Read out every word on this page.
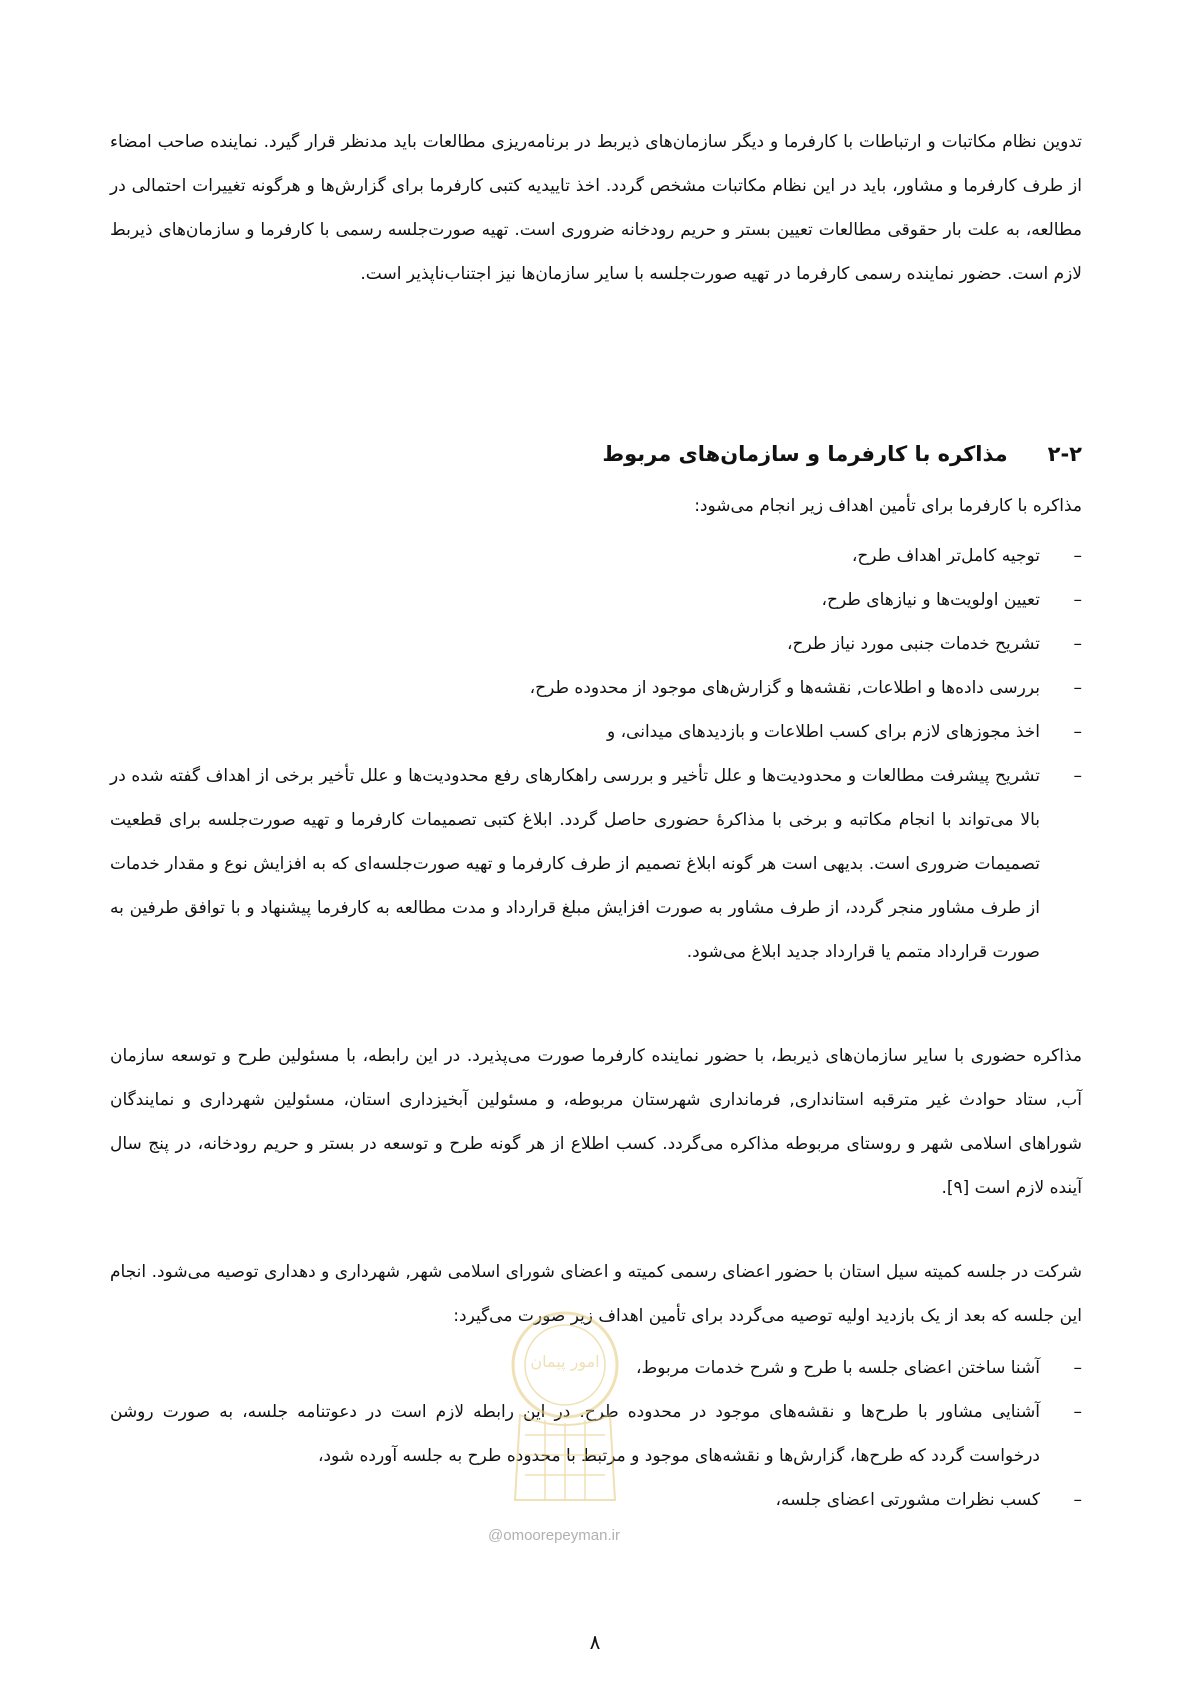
تدوین نظام مکاتبات و ارتباطات با کارفرما و دیگر سازمان‌های ذیربط در برنامه‌ریزی مطالعات باید مدنظر قرار گیرد. نماینده صاحب امضاء از طرف کارفرما و مشاور، باید در این نظام مکاتبات مشخص گردد. اخذ تاییدیه کتبی کارفرما برای گزارش‌ها و هرگونه تغییرات احتمالی در مطالعه، به علت بار حقوقی مطالعات تعیین بستر و حریم رودخانه ضروری است. تهیه صورت‌جلسه رسمی با کارفرما و سازمان‌های ذیربط لازم است. حضور نماینده رسمی کارفرما در تهیه صورت‌جلسه با سایر سازمان‌ها نیز اجتناب‌ناپذیر است.

۲-۲مذاکره با کارفرما و سازمان‌های مربوط

مذاکره با کارفرما برای تأمین اهداف زیر انجام می‌شود:

–
توجیه کامل‌تر اهداف طرح،
–
تعیین اولویت‌ها و نیازهای طرح،
–
تشریح خدمات جنبی مورد نیاز طرح،
–
بررسی داده‌ها و اطلاعات, نقشه‌ها و گزارش‌های موجود از محدوده طرح،
–
اخذ مجوزهای لازم برای کسب اطلاعات و بازدیدهای میدانی، و
–
تشریح پیشرفت مطالعات و محدودیت‌ها و علل تأخیر و بررسی راهکارهای رفع محدودیت‌ها و علل تأخیر برخی از اهداف گفته شده در بالا می‌تواند با انجام مکاتبه و برخی با مذاکرهٔ حضوری حاصل گردد. ابلاغ کتبی تصمیمات کارفرما و تهیه صورت‌جلسه برای قطعیت تصمیمات ضروری است. بدیهی است هر گونه ابلاغ تصمیم از طرف کارفرما و تهیه صورت‌جلسه‌ای که به افزایش نوع و مقدار خدمات از طرف مشاور منجر گردد، از طرف مشاور به صورت افزایش مبلغ قرارداد و مدت مطالعه به کارفرما پیشنهاد و با توافق طرفین به صورت قرارداد متمم یا قرارداد جدید ابلاغ می‌شود.

مذاکره حضوری با سایر سازمان‌های ذیربط، با حضور نماینده کارفرما صورت می‌پذیرد. در این رابطه، با مسئولین طرح و توسعه سازمان آب, ستاد حوادث غیر مترقبه استانداری, فرمانداری شهرستان مربوطه، و مسئولین آبخیزداری استان، مسئولین شهرداری و نمایندگان شوراهای اسلامی شهر و روستای مربوطه مذاکره می‌گردد. کسب اطلاع از هر گونه طرح و توسعه در بستر و حریم رودخانه، در پنج سال آینده لازم است [۹].

شرکت در جلسه کمیته سیل استان با حضور اعضای رسمی کمیته و اعضای شورای اسلامی شهر, شهرداری و دهداری توصیه می‌شود. انجام این جلسه که بعد از یک بازدید اولیه توصیه می‌گردد برای تأمین اهداف زیر صورت می‌گیرد:

–
آشنا ساختن اعضای جلسه با طرح و شرح خدمات مربوط،
–
آشنایی مشاور با طرح‌ها و نقشه‌های موجود در محدوده طرح. در این رابطه لازم است در دعوتنامه جلسه، به صورت روشن درخواست گردد که طرح‌ها، گزارش‌ها و نقشه‌های موجود و مرتبط با محدوده طرح به جلسه آورده شود،
–
کسب نظرات مشورتی اعضای جلسه،
امور پیمان
@omoorepeyman.ir
۸
